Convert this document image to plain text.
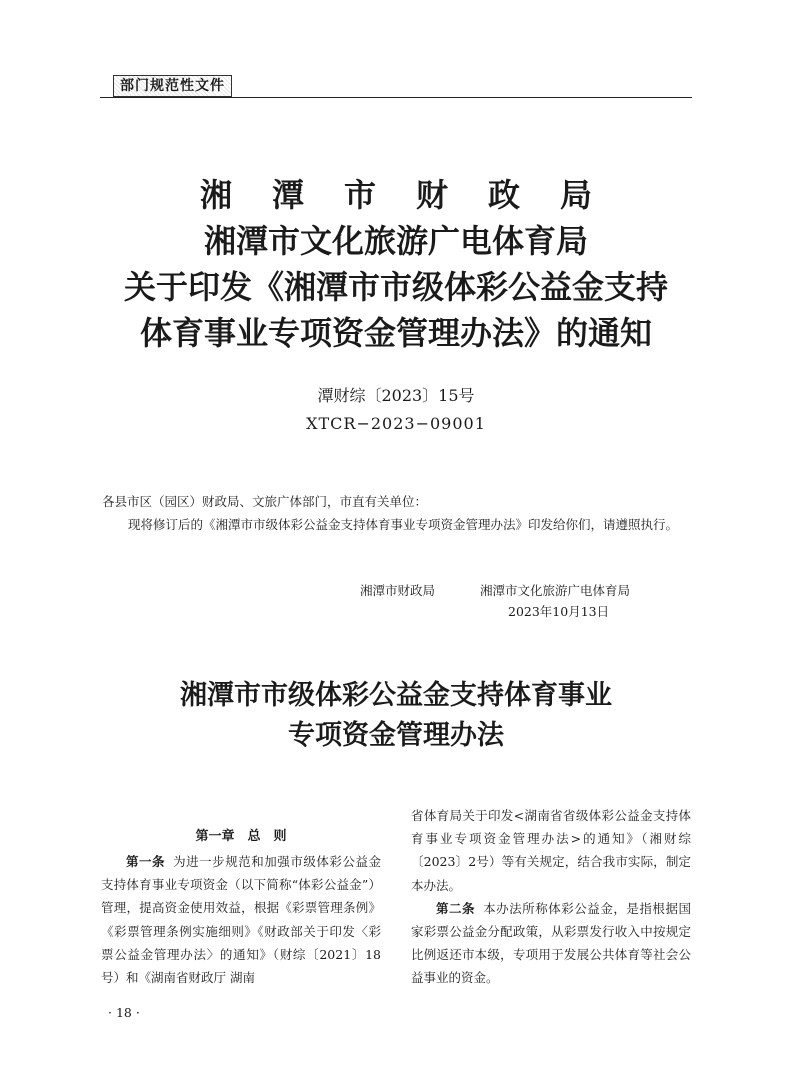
部门规范性文件
湘潭市财政局
湘潭市文化旅游广电体育局
关于印发《湘潭市市级体彩公益金支持
体育事业专项资金管理办法》的通知
潭财综〔2023〕15号
XTCR−2023−09001

各县市区（园区）财政局、文旅广体部门，市直有关单位：

现将修订后的《湘潭市市级体彩公益金支持体育事业专项资金管理办法》印发给你们，请遵照执行。

湘潭市财政局	湘潭市文化旅游广电体育局
2023年10月13日
湘潭市市级体彩公益金支持体育事业
专项资金管理办法

第一章　总　则

第一条 为进一步规范和加强市级体彩公益金支持体育事业专项资金（以下简称“体彩公益金”）管理，提高资金使用效益，根据《彩票管理条例》《彩票管理条例实施细则》《财政部关于印发〈彩票公益金管理办法〉的通知》（财综〔2021〕18号）和《湖南省财政厅 湖南

省体育局关于印发<湖南省省级体彩公益金支持体育事业专项资金管理办法>的通知》（湘财综〔2023〕2号）等有关规定，结合我市实际，制定本办法。

第二条 本办法所称体彩公益金，是指根据国家彩票公益金分配政策，从彩票发行收入中按规定比例返还市本级，专项用于发展公共体育等社会公益事业的资金。

· 18 ·
